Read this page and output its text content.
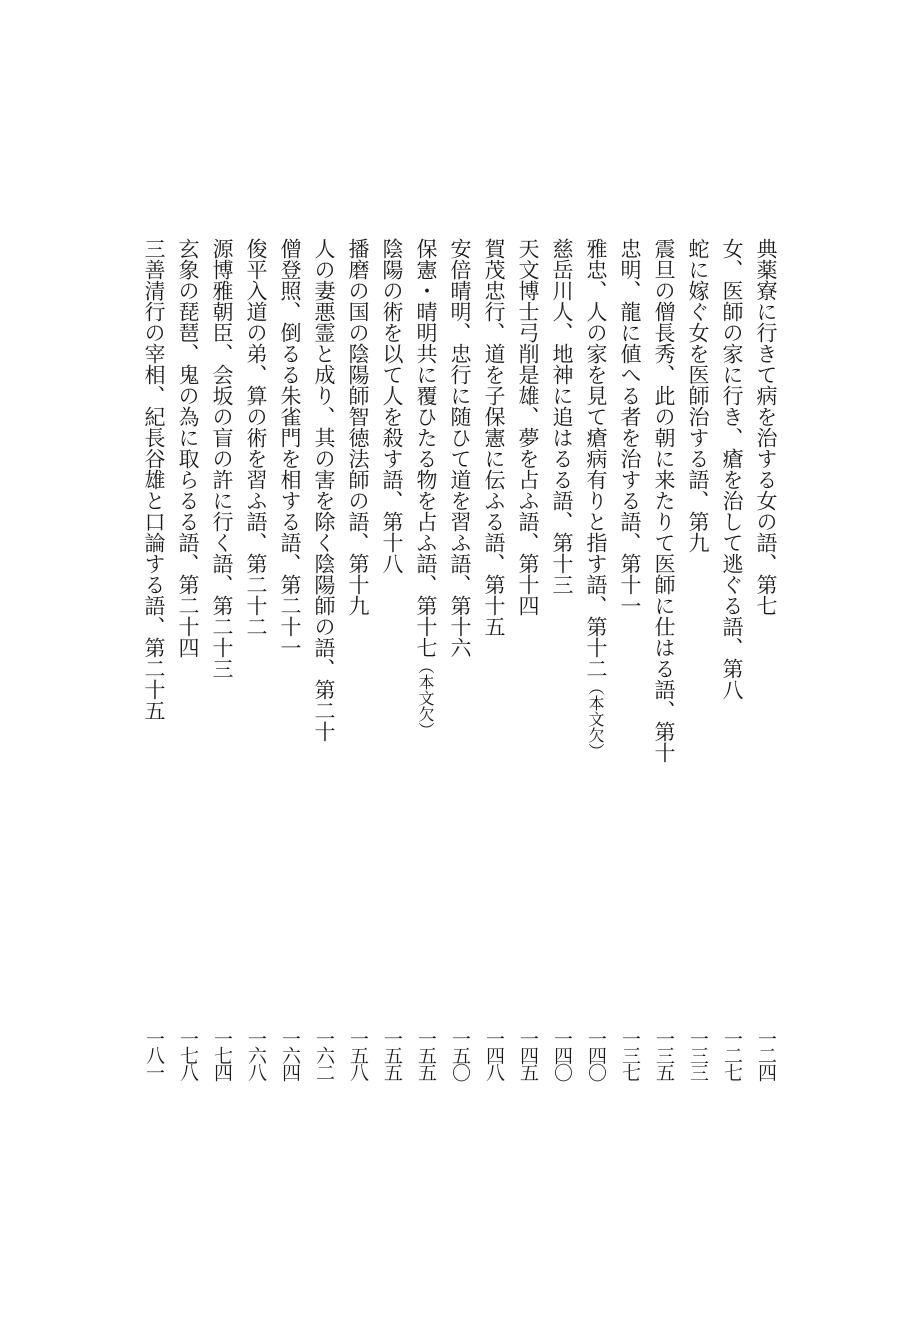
典薬寮に行きて病を治する女の語、第七
一二四
女、医師の家に行き、瘡を治して逃ぐる語、第八
一二七
蛇に嫁ぐ女を医師治する語、第九
一三三
震旦の僧長秀、此の朝に来たりて医師に仕はる語、第十
一三五
忠明、龍に値へる者を治する語、第十一
一三七
雅忠、人の家を見て瘡病有りと指す語、第十二
（本文欠）
一四〇
慈岳川人、地神に追はるる語、第十三
一四〇
天文博士弓削是雄、夢を占ふ語、第十四
一四五
賀茂忠行、道を子保憲に伝ふる語、第十五
一四八
安倍晴明、忠行に随ひて道を習ふ語、第十六
一五〇
保憲・晴明共に覆ひたる物を占ふ語、第十七
（本文欠）
一五五
陰陽の術を以て人を殺す語、第十八
一五五
播磨の国の陰陽師智徳法師の語、第十九
一五八
人の妻悪霊と成り、其の害を除く陰陽師の語、第二十
一六二
僧登照、倒るる朱雀門を相する語、第二十一
一六四
俊平入道の弟、算の術を習ふ語、第二十二
一六八
源博雅朝臣、会坂の盲の許に行く語、第二十三
一七四
玄象の琵琶、鬼の為に取らるる語、第二十四
一七八
三善清行の宰相、紀長谷雄と口論する語、第二十五
一八一
